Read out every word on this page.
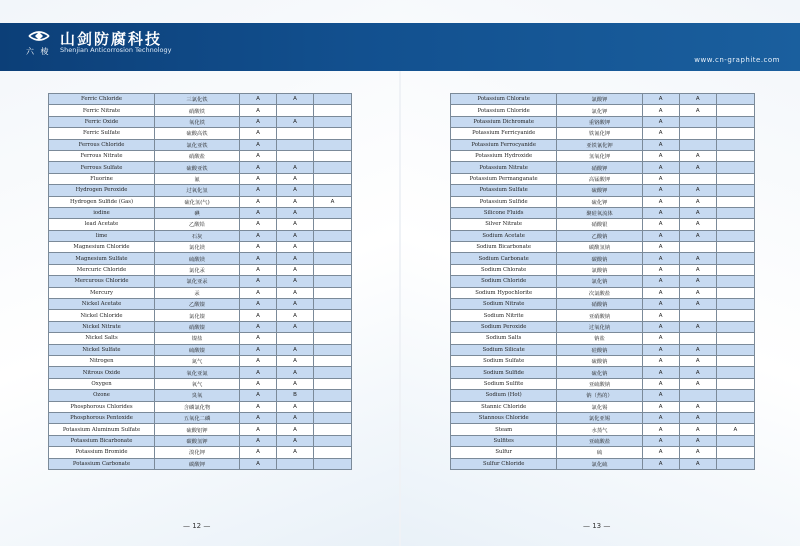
六 棱
山剑防腐科技
Shenjian Anticorrosion Technology
www.cn-graphite.com
Ferric Chloride	三氯化铁	A	A	
Ferric Nitrate	硝酸铁	A		
Ferric Oxide	氧化铁	A	A	
Ferric Sulfate	硫酸高铁	A		
Ferrous Chloride	氯化亚铁	A		
Ferrous Nitrate	硝酸盐	A		
Ferrous Sulfate	硫酸亚铁	A	A	
Fluorine	氟	A	A	
Hydrogen Peroxide	过氧化氢	A	A	
Hydrogen Sulfide (Gas)	硫化氢(气)	A	A	A
iodine	碘	A	A	
lead Acetate	乙酸铅	A	A	
lime	石灰	A	A	
Magnesium Chloride	氯化镁	A	A	
Magnesium Sulfate	硫酸镁	A	A	
Mercuric Chloride	氯化汞	A	A	
Mercurous Chloride	氯化亚汞	A	A	
Mercury	汞	A	A	
Nickel Acetate	乙酸镍	A	A	
Nickel Chloride	氯化镍	A	A	
Nickel Nitrate	硝酸镍	A	A	
Nickel Salts	镍盐	A		
Nickel Sulfate	硫酸镍	A	A	
Nitrogen	氮气	A	A	
Nitrous Oxide	氧化亚氮	A	A	
Oxygen	氧气	A	A	
Ozone	臭氧	A	B	
Phosphorous Chlorides	含磷氯化物	A	A	
Phosphorous Pentoxide	五氧化二磷	A	A	
Potassium Aluminum Sulfate	硫酸铝钾	A	A	
Potassium Bicarbonate	碳酸氢钾	A	A	
Potassium Bromide	溴化钾	A	A	
Potassium Carbonate	碳酸钾	A		
Potassium Chlorate	氯酸钾	A	A	
Potassium Chloride	氯化钾	A	A	
Potassium Dichromate	重铬酸钾	A		
Potassium Ferricyanide	铁氰化钾	A		
Potassium Ferrocyanide	亚铁氰化钾	A		
Potassium Hydroxide	氢氧化钾	A	A	
Potassium Nitrate	硝酸钾	A	A	
Potassium Permanganate	高锰酸钾	A		
Potassium Sulfate	硫酸钾	A	A	
Potassium Sulfide	硫化钾	A	A	
Silicone Fluids	聚硅氧流体	A	A	
Silver Nitrate	硝酸银	A	A	
Sodium Acetate	乙酸钠	A	A	
Sodium Bicarbonate	碳酸氢钠	A		
Sodium Carbonate	碳酸钠	A	A	
Sodium Chlorate	氯酸钠	A	A	
Sodium Chloride	氯化钠	A	A	
Sodium Hypochlorite	次氯酸盐	A	A	
Sodium Nitrate	硝酸钠	A	A	
Sodium Nitrite	亚硝酸钠	A		
Sodium Peroxide	过氧化钠	A	A	
Sodium Salts	钠盐	A		
Sodium Silicate	硅酸钠	A	A	
Sodium Sulfate	硫酸钠	A	A	
Sodium Sulfide	硫化钠	A	A	
Sodium Sulfite	亚硫酸钠	A	A	
Sodium (Hot)	钠（热的）	A		
Stannic Chloride	氯化锡	A	A	
Stannous Chloride	氯化亚锡	A	A	
Steam	水蒸气	A	A	A
Sulfites	亚硫酸盐	A	A	
Sulfur	硫	A	A	
Sulfur Chloride	氯化硫	A	A	
— 12 —	— 13 —
